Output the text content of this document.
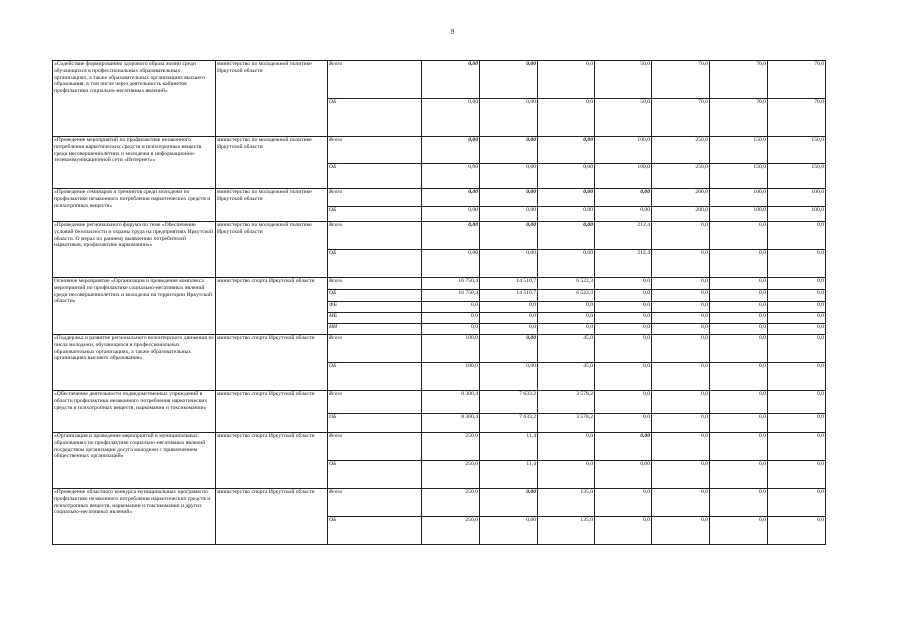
9
«Содействие формированию здорового образа жизни среди обучающихся в профессиональных образовательных организациях, а также образовательных организациях высшего образования, в том числе через деятельность кабинетов профилактики социально-негативных явлений»	министерство по молодежной политике Иркутской области	Всего	0,00	0,00	0,0	50,0	70,0	70,0	70,0
		ОБ	0,00	0,00	0,0	50,0	70,0	70,0	70,0
«Проведение мероприятий по профилактике незаконного потребления наркотических средств и психотропных веществ среди несовершеннолетних и молодежи в информационно-телекоммуникационной сети «Интернет»»	министерство по молодежной политике Иркутской области	Всего	0,00	0,00	0,00	100,0	250,0	150,0	150,0
		ОБ	0,00	0,00	0,00	100,0	250,0	150,0	150,0
«Проведение семинаров и тренингов среди молодежи по профилактике незаконного потребления наркотических средств и психотропных веществ»	министерство по молодежной политике Иркутской области	Всего	0,00	0,00	0,00	0,00	200,0	100,0	100,0
		ОБ	0,00	0,00	0,00	0,00	200,0	100,0	100,0
«Проведение регионального форума по теме «Обеспечение условий безопасности и охраны труда на предприятиях Иркутской области. О мерах по раннему выявлению потребителей наркотиков, профилактике наркомании»»	министерство по молодежной политике Иркутской области	Всего	0,00	0,00	0,00	212,4	0,0	0,0	0,0
		ОБ	0,00	0,00	0,00	212,4	0,0	0,0	0,0
Основное мероприятие «Организация и проведение комплекса мероприятий по профилактике социально-негативных явлений среди несовершеннолетних и молодежи на территории Иркутской области»	министерство спорта Иркутской области	Всего	16 750,4	14 510,7	6 522,3	0,0	0,0	0,0	0,0
		ОБ	16 750,4	14 510,7	6 522,3	0,0	0,0	0,0	0,0
		ФБ	0,0	0,0	0,0	0,0	0,0	0,0	0,0
		МБ	0,0	0,0	0,0	0,0	0,0	0,0	0,0
		ИИ	0,0	0,0	0,0	0,0	0,0	0,0	0,0
«Поддержка и развитие регионального волонтерского движения из числа молодежи, обучающихся в профессиональных образовательных организациях, а также образовательных организациях высшего образования»	министерство спорта Иркутской области	Всего	100,0	0,00	45,0	0,0	0,0	0,0	0,0
		ОБ	100,0	0,00	45,0	0,0	0,0	0,0	0,0
«Обеспечение деятельности подведомственных учреждений в области профилактики незаконного потребления наркотических средств и психотропных веществ, наркомании и токсикомании»	министерство спорта Иркутской области	Всего	8 300,4	7 633,2	3 578,2	0,0	0,0	0,0	0,0
		ОБ	8 300,4	7 633,2	3 578,2	0,0	0,0	0,0	0,0
«Организация и проведение мероприятий в муниципальных образованиях по профилактике социально-негативных явлений посредством организации досуга молодежи с привлечением общественных организаций»	министерство спорта Иркутской области	Всего	250,0	11,4	0,0	0,00	0,0	0,0	0,0
		ОБ	250,0	11,4	0,0	0,00	0,0	0,0	0,0
«Проведение областного конкурса муниципальных программ по профилактике незаконного потребления наркотических средств и психотропных веществ, наркомании и токсикомании и других социально-негативных явлений»	министерство спорта Иркутской области	Всего	250,0	0,00	135,0	0,0	0,0	0,0	0,0
		ОБ	250,0	0,00	135,0	0,0	0,0	0,0	0,0
